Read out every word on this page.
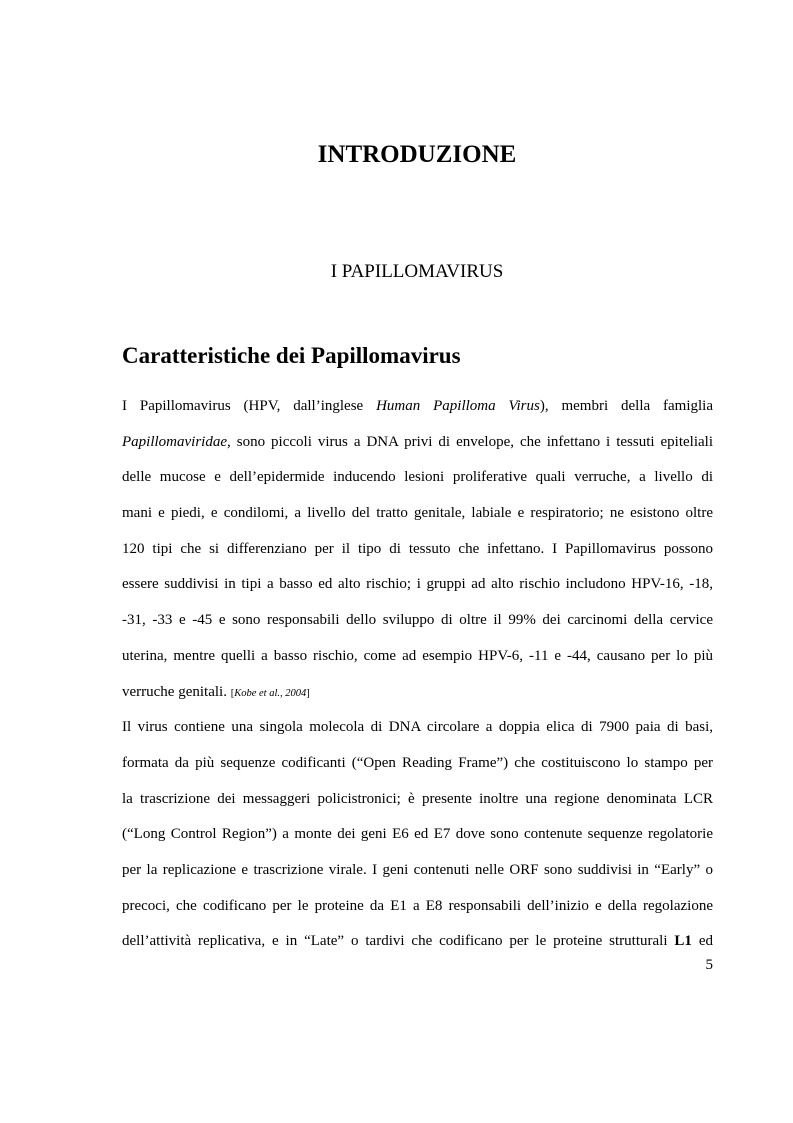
INTRODUZIONE
I PAPILLOMAVIRUS
Caratteristiche dei Papillomavirus
I Papillomavirus (HPV, dall’inglese Human Papilloma Virus), membri della famiglia
Papillomaviridae, sono piccoli virus a DNA privi di envelope, che infettano i tessuti epiteliali
delle mucose e dell’epidermide inducendo lesioni proliferative quali verruche, a livello di
mani e piedi, e condilomi, a livello del tratto genitale, labiale e respiratorio; ne esistono oltre
120 tipi che si differenziano per il tipo di tessuto che infettano. I Papillomavirus possono
essere suddivisi in tipi a basso ed alto rischio; i gruppi ad alto rischio includono HPV-16, -18,
-31, -33 e -45 e sono responsabili dello sviluppo di oltre il 99% dei carcinomi della cervice
uterina, mentre quelli a basso rischio, come ad esempio HPV-6, -11 e -44, causano per lo più
verruche genitali. [Kobe et al., 2004]
Il virus contiene una singola molecola di DNA circolare a doppia elica di 7900 paia di basi,
formata da più sequenze codificanti (“Open Reading Frame”) che costituiscono lo stampo per
la trascrizione dei messaggeri policistronici; è presente inoltre una regione denominata LCR
(“Long Control Region”) a monte dei geni E6 ed E7 dove sono contenute sequenze regolatorie
per la replicazione e trascrizione virale. I geni contenuti nelle ORF sono suddivisi in “Early” o
precoci, che codificano per le proteine da E1 a E8 responsabili dell’inizio e della regolazione
dell’attività replicativa, e in “Late” o tardivi che codificano per le proteine strutturali L1 ed
5
